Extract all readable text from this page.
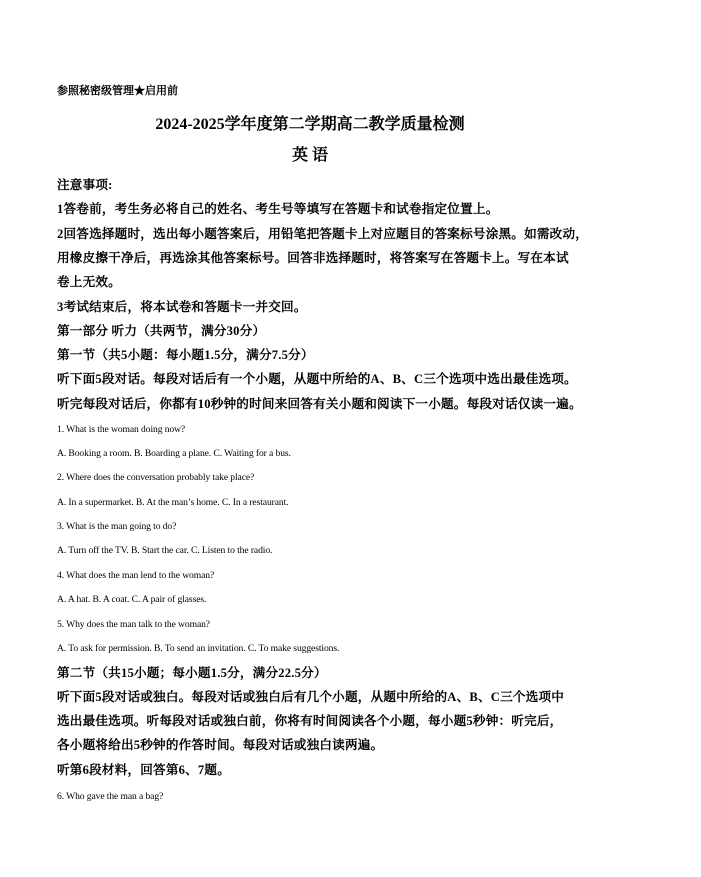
参照秘密级管理★启用前
2024-2025学年度第二学期高二教学质量检测
英 语
注意事项:
1答卷前，考生务必将自己的姓名、考生号等填写在答题卡和试卷指定位置上。
2回答选择题时，选出每小题答案后，用铅笔把答题卡上对应题目的答案标号涂黑。如需改动，
用橡皮擦干净后，再选涂其他答案标号。回答非选择题时，将答案写在答题卡上。写在本试
卷上无效。
3考试结束后，将本试卷和答题卡一并交回。
第一部分 听力（共两节，满分30分）
第一节（共5小题：每小题1.5分，满分7.5分）
听下面5段对话。每段对话后有一个小题，从题中所给的A、B、C三个选项中选出最佳选项。
听完每段对话后，你都有10秒钟的时间来回答有关小题和阅读下一小题。每段对话仅读一遍。
1. What is the woman doing now?
A. Booking a room. B. Boarding a plane. C. Waiting for a bus.
2. Where does the conversation probably take place?
A. In a supermarket. B. At the man’s home. C. In a restaurant.
3. What is the man going to do?
A. Turn off the TV. B. Start the car. C. Listen to the radio.
4. What does the man lend to the woman?
A. A hat. B. A coat. C. A pair of glasses.
5. Why does the man talk to the woman?
A. To ask for permission. B. To send an invitation. C. To make suggestions.
第二节（共15小题；每小题1.5分，满分22.5分）
听下面5段对话或独白。每段对话或独白后有几个小题，从题中所给的A、B、C三个选项中
选出最佳选项。听每段对话或独白前，你将有时间阅读各个小题，每小题5秒钟：听完后，
各小题将给出5秒钟的作答时间。每段对话或独白读两遍。
听第6段材料，回答第6、7题。
6. Who gave the man a bag?
